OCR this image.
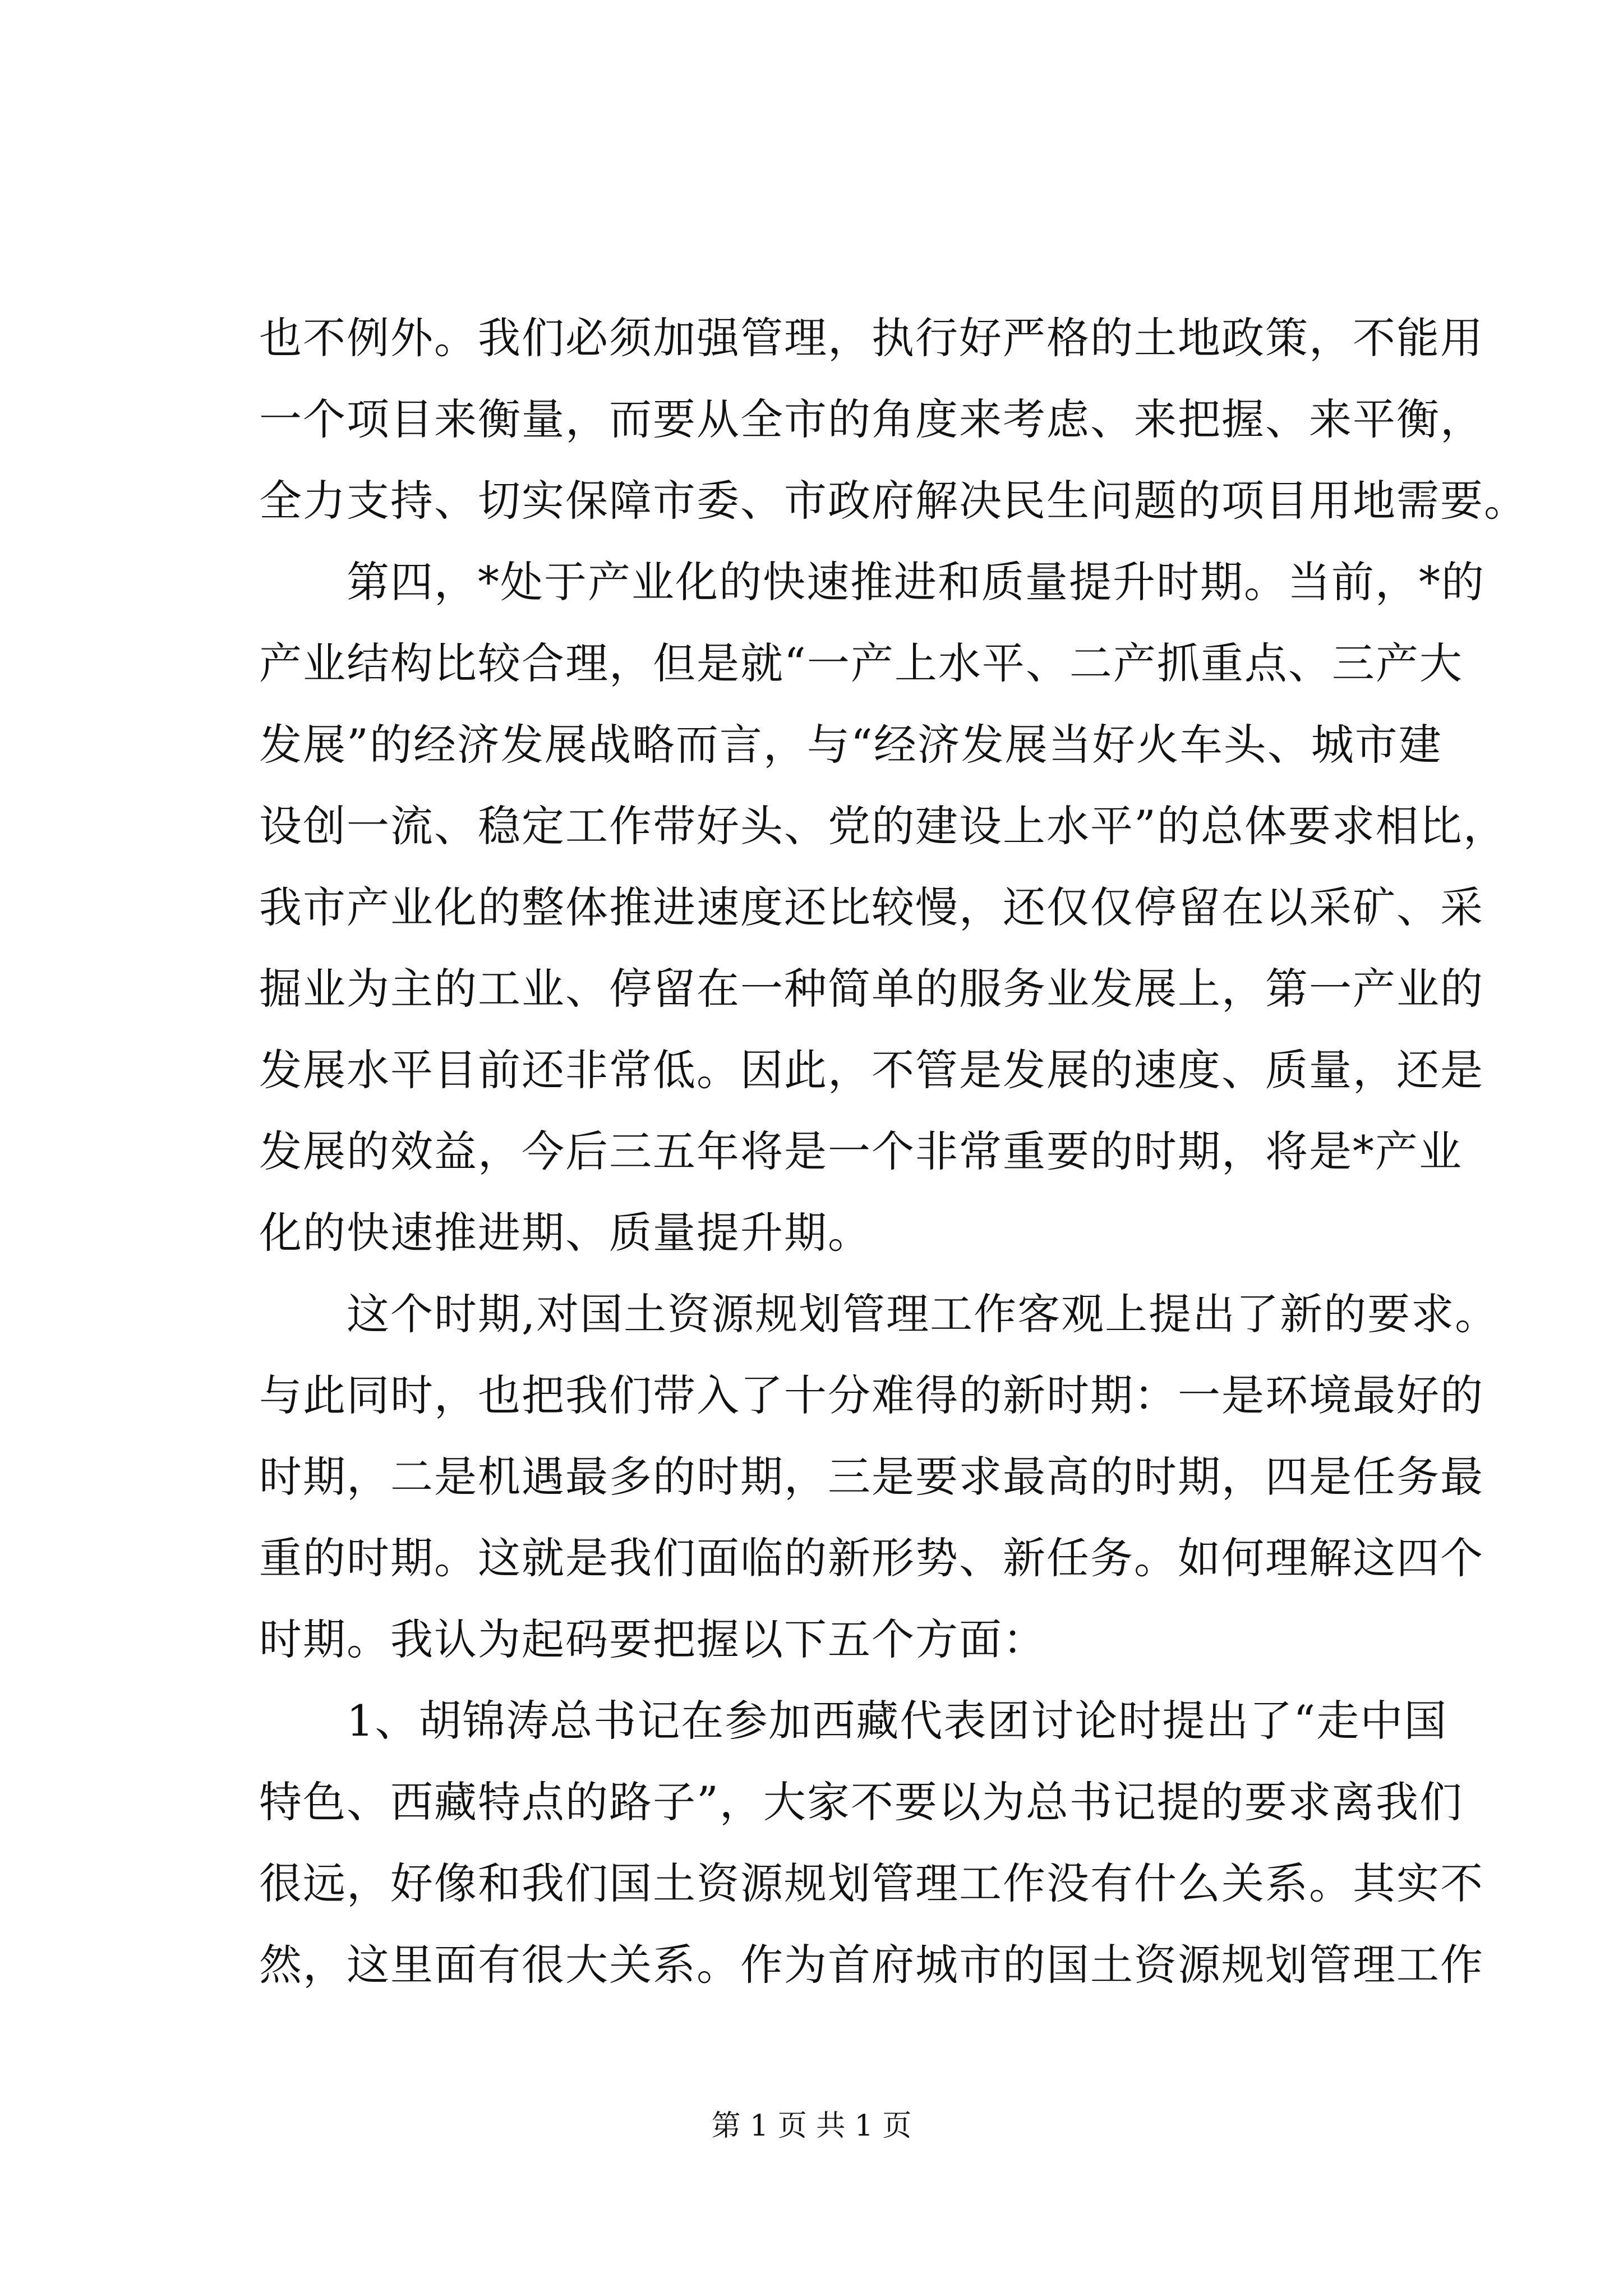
也不例外。我们必须加强管理，执行好严格的土地政策，不能用
一个项目来衡量，而要从全市的角度来考虑、来把握、来平衡，
全力支持、切实保障市委、市政府解决民生问题的项目用地需要。
　　第四，*处于产业化的快速推进和质量提升时期。当前，*的
产业结构比较合理，但是就“一产上水平、二产抓重点、三产大
发展”的经济发展战略而言，与“经济发展当好火车头、城市建
设创一流、稳定工作带好头、党的建设上水平”的总体要求相比，
我市产业化的整体推进速度还比较慢，还仅仅停留在以采矿、采
掘业为主的工业、停留在一种简单的服务业发展上，第一产业的
发展水平目前还非常低。因此，不管是发展的速度、质量，还是
发展的效益，今后三五年将是一个非常重要的时期，将是*产业
化的快速推进期、质量提升期。
　　这个时期,对国土资源规划管理工作客观上提出了新的要求。
与此同时，也把我们带入了十分难得的新时期：一是环境最好的
时期，二是机遇最多的时期，三是要求最高的时期，四是任务最
重的时期。这就是我们面临的新形势、新任务。如何理解这四个
时期。我认为起码要把握以下五个方面：
　　1、胡锦涛总书记在参加西藏代表团讨论时提出了“走中国
特色、西藏特点的路子”，大家不要以为总书记提的要求离我们
很远，好像和我们国土资源规划管理工作没有什么关系。其实不
然，这里面有很大关系。作为首府城市的国土资源规划管理工作
第 1 页 共 1 页
